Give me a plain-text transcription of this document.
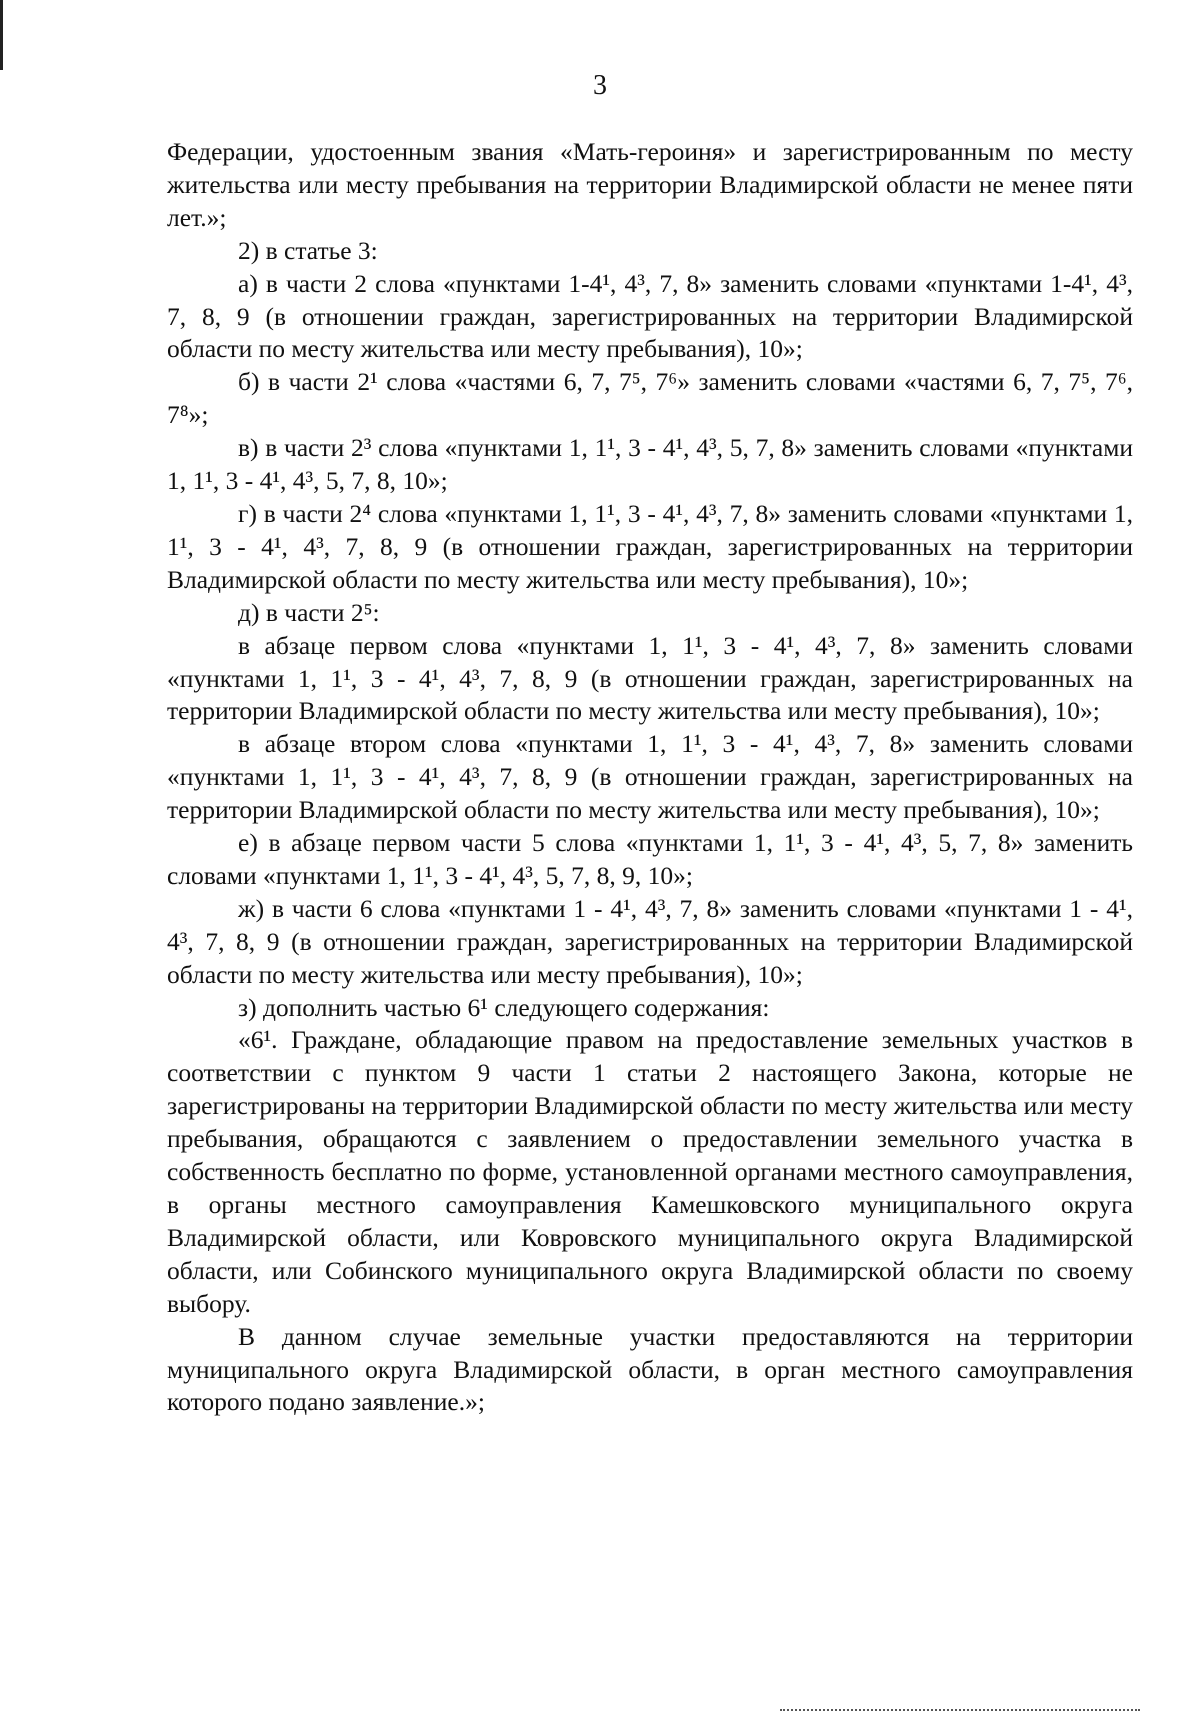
3

Федерации, удостоенным звания «Мать-героиня» и зарегистрированным по месту жительства или месту пребывания на территории Владимирской области не менее пяти лет.»;

2) в статье 3:

а) в части 2 слова «пунктами 1-4¹, 4³, 7, 8» заменить словами «пунктами 1-4¹, 4³, 7, 8, 9 (в отношении граждан, зарегистрированных на территории Владимирской области по месту жительства или месту пребывания), 10»;

б) в части 2¹ слова «частями 6, 7, 7⁵, 7⁶» заменить словами «частями 6, 7, 7⁵, 7⁶, 7⁸»;

в) в части 2³ слова «пунктами 1, 1¹, 3 - 4¹, 4³, 5, 7, 8» заменить словами «пунктами 1, 1¹, 3 - 4¹, 4³, 5, 7, 8, 10»;

г) в части 2⁴ слова «пунктами 1, 1¹, 3 - 4¹, 4³, 7, 8» заменить словами «пунктами 1, 1¹, 3 - 4¹, 4³, 7, 8, 9 (в отношении граждан, зарегистрированных на территории Владимирской области по месту жительства или месту пребывания), 10»;

д) в части 2⁵:

в абзаце первом слова «пунктами 1, 1¹, 3 - 4¹, 4³, 7, 8» заменить словами «пунктами 1, 1¹, 3 - 4¹, 4³, 7, 8, 9 (в отношении граждан, зарегистрированных на территории Владимирской области по месту жительства или месту пребывания), 10»;

в абзаце втором слова «пунктами 1, 1¹, 3 - 4¹, 4³, 7, 8» заменить словами «пунктами 1, 1¹, 3 - 4¹, 4³, 7, 8, 9 (в отношении граждан, зарегистрированных на территории Владимирской области по месту жительства или месту пребывания), 10»;

е) в абзаце первом части 5 слова «пунктами 1, 1¹, 3 - 4¹, 4³, 5, 7, 8» заменить словами «пунктами 1, 1¹, 3 - 4¹, 4³, 5, 7, 8, 9, 10»;

ж) в части 6 слова «пунктами 1 - 4¹, 4³, 7, 8» заменить словами «пунктами 1 - 4¹, 4³, 7, 8, 9 (в отношении граждан, зарегистрированных на территории Владимирской области по месту жительства или месту пребывания), 10»;

з) дополнить частью 6¹ следующего содержания:

«6¹. Граждане, обладающие правом на предоставление земельных участков в соответствии с пунктом 9 части 1 статьи 2 настоящего Закона, которые не зарегистрированы на территории Владимирской области по месту жительства или месту пребывания, обращаются с заявлением о предоставлении земельного участка в собственность бесплатно по форме, установленной органами местного самоуправления, в органы местного самоуправления Камешковского муниципального округа Владимирской области, или Ковровского муниципального округа Владимирской области, или Собинского муниципального округа Владимирской области по своему выбору.

В данном случае земельные участки предоставляются на территории муниципального округа Владимирской области, в орган местного самоуправления которого подано заявление.»;
